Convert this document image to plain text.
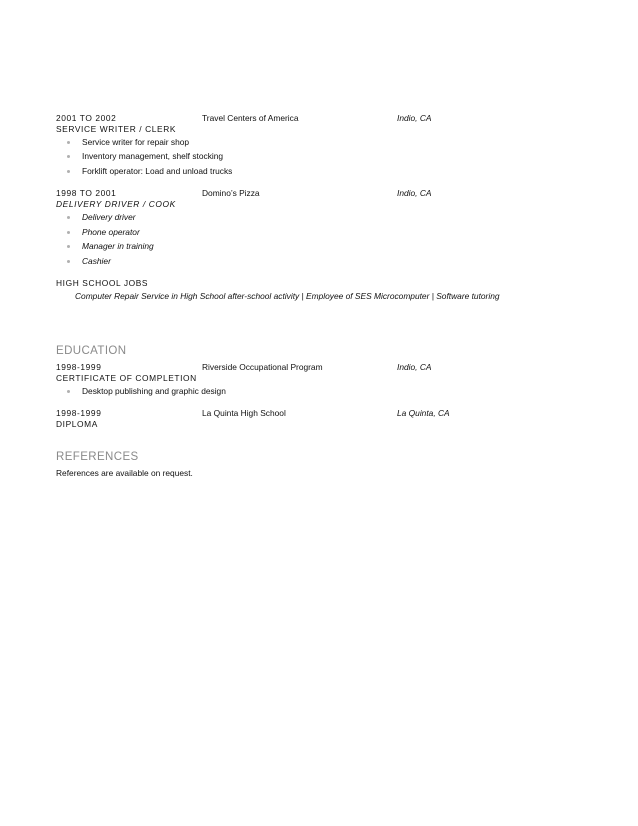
2001 TO 2002	Travel Centers of America	Indio, CA
SERVICE WRITER / CLERK
Service writer for repair shop
Inventory management, shelf stocking
Forklift operator: Load and unload trucks
1998 TO 2001	Domino’s Pizza	Indio, CA
DELIVERY DRIVER / COOK
Delivery driver
Phone operator
Manager in training
Cashier
HIGH SCHOOL JOBS
Computer Repair Service in High School after-school activity | Employee of SES Microcomputer | Software tutoring
EDUCATION
1998-1999	Riverside Occupational Program	Indio, CA
CERTIFICATE OF COMPLETION
Desktop publishing and graphic design
1998-1999	La Quinta High School	La Quinta, CA
DIPLOMA
REFERENCES
References are available on request.
